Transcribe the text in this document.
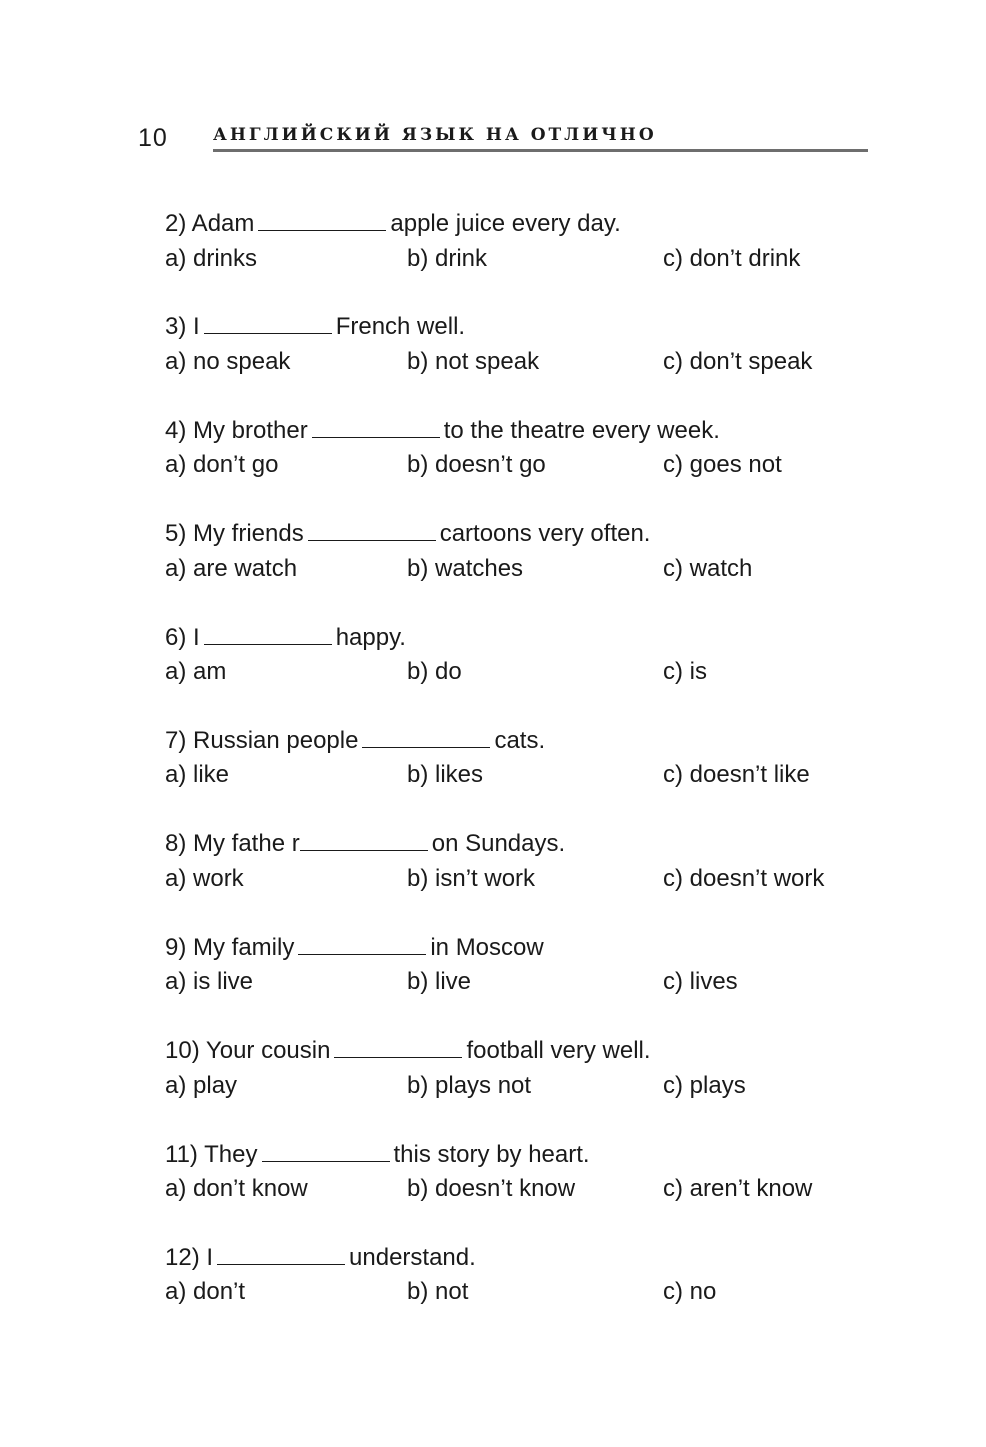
10	АНГЛИЙСКИЙ ЯЗЫК НА ОТЛИЧНО
2) Adam	apple juice every day.
a) drinks	b) drink	c) don’t drink
3) I	French well.
a) no speak	b) not speak	c) don’t speak
4) My brother	to the theatre every week.
a) don’t go	b) doesn’t go	c) goes not
5) My friends	cartoons very often.
a) are watch	b) watches	c) watch
6) I	happy.
a) am	b) do	c) is
7) Russian people	cats.
a) like	b) likes	c) doesn’t like
8) My fathe r	on Sundays.
a) work	b) isn’t work	c) doesn’t work
9) My family	in Moscow
a) is live	b) live	c) lives
10) Your cousin	football very well.
a) play	b) plays not	c) plays
11) They	this story by heart.
a) don’t know	b) doesn’t know	c) aren’t know
12) I	understand.
a) don’t	b) not	c) no
